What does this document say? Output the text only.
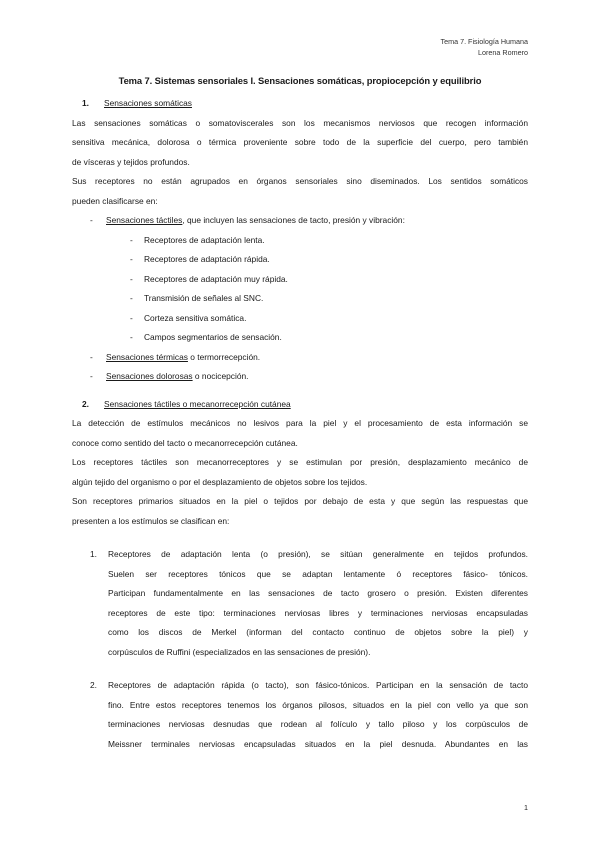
Tema 7. Fisiología Humana
Lorena Romero
Tema 7. Sistemas sensoriales I. Sensaciones somáticas, propiocepción y equilibrio
1.	Sensaciones somáticas
Las sensaciones somáticas o somatoviscerales son los mecanismos nerviosos que recogen información
sensitiva mecánica, dolorosa o térmica proveniente sobre todo de la superficie del cuerpo, pero también
de vísceras y tejidos profundos.
Sus receptores no están agrupados en órganos sensoriales sino diseminados. Los sentidos somáticos
pueden clasificarse en:
-	Sensaciones táctiles, que incluyen las sensaciones de tacto, presión y vibración:
-	Receptores de adaptación lenta.
-	Receptores de adaptación rápida.
-	Receptores de adaptación muy rápida.
-	Transmisión de señales al SNC.
-	Corteza sensitiva somática.
-	Campos segmentarios de sensación.
-	Sensaciones térmicas o termorrecepción.
-	Sensaciones dolorosas o nocicepción.
2.	Sensaciones táctiles o mecanorrecepción cutánea
La detección de estímulos mecánicos no lesivos para la piel y el procesamiento de esta información se
conoce como sentido del tacto o mecanorrecepción cutánea.
Los receptores táctiles son mecanorreceptores y se estimulan por presión, desplazamiento mecánico de
algún tejido del organismo o por el desplazamiento de objetos sobre los tejidos.
Son receptores primarios situados en la piel o tejidos por debajo de esta y que según las respuestas que
presenten a los estímulos se clasifican en:
1.	Receptores de adaptación lenta (o presión), se sitúan generalmente en tejidos profundos.
Suelen ser receptores tónicos que se adaptan lentamente ó receptores fásico- tónicos.
Participan fundamentalmente en las sensaciones de tacto grosero o presión. Existen diferentes
receptores de este tipo: terminaciones nerviosas libres y terminaciones nerviosas encapsuladas
como los discos de Merkel (informan del contacto continuo de objetos sobre la piel) y
corpúsculos de Ruffini (especializados en las sensaciones de presión).
2.	Receptores de adaptación rápida (o tacto), son fásico-tónicos. Participan en la sensación de tacto
fino. Entre estos receptores tenemos los órganos pilosos, situados en la piel con vello ya que son
terminaciones nerviosas desnudas que rodean al folículo y tallo piloso y los corpúsculos de
Meissner terminales nerviosas encapsuladas situados en la piel desnuda. Abundantes en las
1
